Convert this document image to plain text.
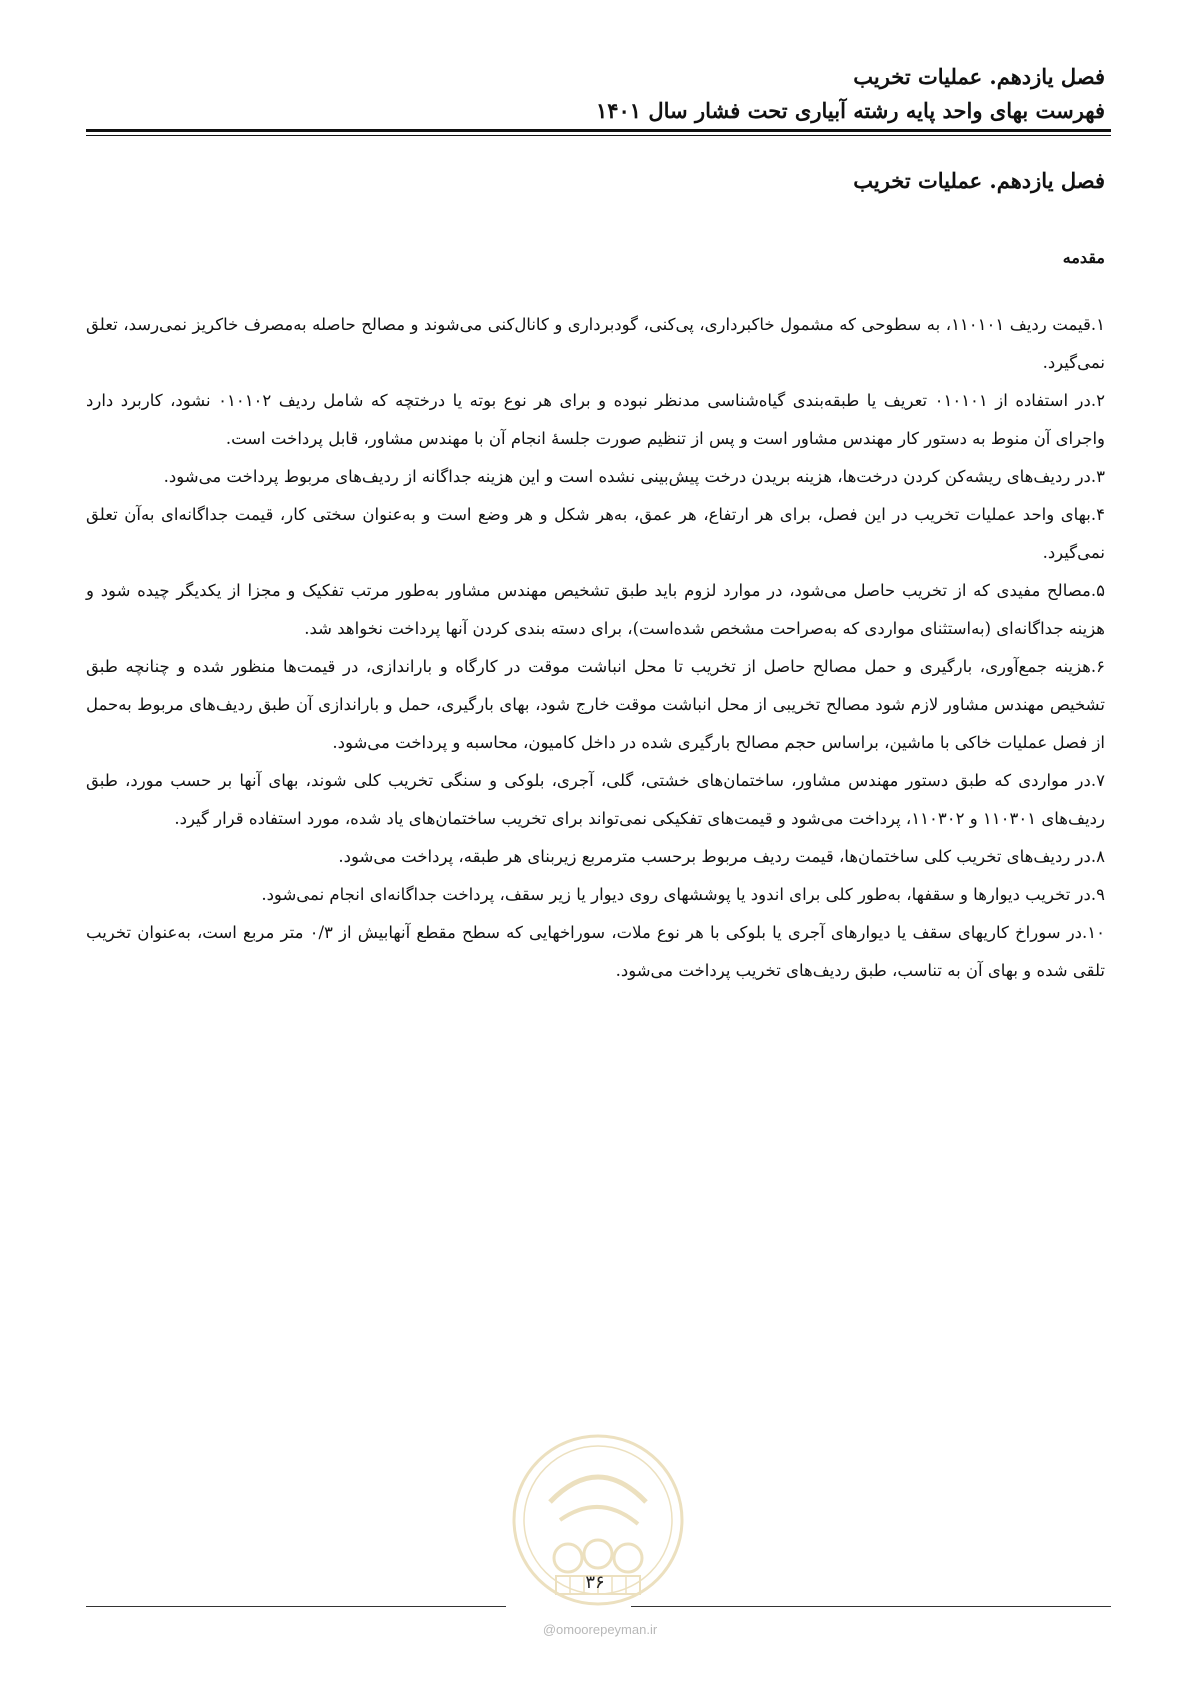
فصل یازدهم. عملیات تخریب

فهرست بهای واحد پایه رشته آبیاری تحت فشار سال ۱۴۰۱

فصل یازدهم. عملیات تخریب
مقدمه

۱.قیمت ردیف ۱۱۰۱۰۱، به سطوحی که مشمول خاکبرداری، پی‌کنی، گودبرداری و کانال‌کنی می‌شوند و مصالح حاصله به‌مصرف خاکریز نمی‌رسد، تعلق نمی‌گیرد.

۲.در استفاده از ۰۱۰۱۰۱ تعریف یا طبقه‌بندی گیاه‌شناسی مدنظر نبوده و برای هر نوع بوته یا درختچه که شامل ردیف ۰۱۰۱۰۲ نشود، کاربرد دارد واجرای آن منوط به دستور کار مهندس مشاور است و پس از تنظیم صورت جلسهٔ انجام آن با مهندس مشاور، قابل پرداخت است.

۳.در ردیف‌های ریشه‌کن کردن درخت‌ها، هزینه بریدن درخت پیش‌بینی نشده است و این هزینه جداگانه از ردیف‌های مربوط پرداخت می‌شود.

۴.بهای واحد عملیات تخریب در این فصل، برای هر ارتفاع، هر عمق، به‌هر شکل و هر وضع است و به‌عنوان سختی کار، قیمت جداگانه‌ای به‌آن تعلق نمی‌گیرد.

۵.مصالح مفیدی که از تخریب حاصل می‌شود، در موارد لزوم باید طبق تشخیص مهندس مشاور به‌طور مرتب تفکیک و مجزا از یکدیگر چیده شود و هزینه جداگانه‌ای (به‌استثنای مواردی که به‌صراحت مشخص شده‌است)، برای دسته بندی کردن آنها پرداخت نخواهد شد.

۶.هزینه جمع‌آوری، بارگیری و حمل مصالح حاصل از تخریب تا محل انباشت موقت در کارگاه و باراندازی، در قیمت‌ها منظور شده و چنانچه طبق تشخیص مهندس مشاور لازم شود مصالح تخریبی از محل انباشت موقت خارج شود، بهای بارگیری، حمل و باراندازی آن طبق ردیف‌های مربوط به‌حمل از فصل عملیات خاکی با ماشین، براساس حجم مصالح بارگیری شده در داخل کامیون، محاسبه و پرداخت می‌شود.

۷.در مواردی که طبق دستور مهندس مشاور، ساختمان‌های خشتی، گلی، آجری، بلوکی و سنگی تخریب کلی شوند، بهای آنها بر حسب مورد، طبق ردیف‌های ۱۱۰۳۰۱ و ۱۱۰۳۰۲، پرداخت می‌شود و قیمت‌های تفکیکی نمی‌تواند برای تخریب ساختمان‌های یاد شده، مورد استفاده قرار گیرد.

۸.در ردیف‌های تخریب کلی ساختمان‌ها، قیمت ردیف مربوط برحسب مترمربع زیربنای هر طبقه، پرداخت می‌شود.

۹.در تخریب دیوارها و سقفها، به‌طور کلی برای اندود یا پوششهای روی دیوار یا زیر سقف، پرداخت جداگانه‌ای انجام نمی‌شود.

۱۰.در سوراخ کاریهای سقف یا دیوارهای آجری یا بلوکی با هر نوع ملات، سوراخهایی که سطح مقطع آنهابیش از ۰/۳ متر مربع است، به‌عنوان تخریب تلقی شده و بهای آن به تناسب، طبق ردیف‌های تخریب پرداخت می‌شود.

۳۶
@omoorepeyman.ir
